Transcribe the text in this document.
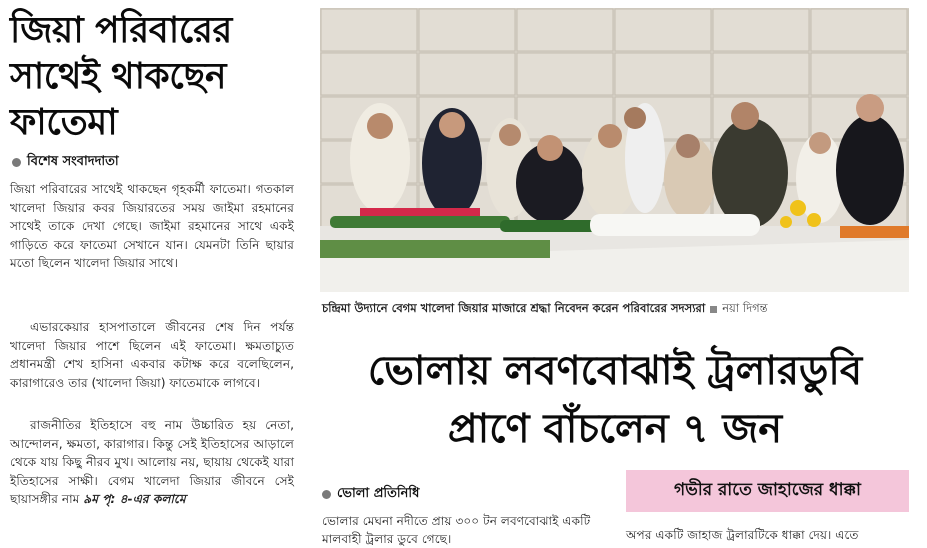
জিয়া পরিবারের সাথেই থাকছেন ফাতেমা
বিশেষ সংবাদদাতা
জিয়া পরিবারের সাথেই থাকছেন গৃহকর্মী ফাতেমা। গতকাল খালেদা জিয়ার কবর জিয়ারতের সময় জাইমা রহমানের সাথেই তাকে দেখা গেছে। জাইমা রহমানের সাথে একই গাড়িতে করে ফাতেমা সেখানে যান। যেমনটা তিনি ছায়ার মতো ছিলেন খালেদা জিয়ার সাথে।
এভারকেয়ার হাসপাতালে জীবনের শেষ দিন পর্যন্ত খালেদা জিয়ার পাশে ছিলেন এই ফাতেমা। ক্ষমতাচ্যুত প্রধানমন্ত্রী শেখ হাসিনা একবার কটাক্ষ করে বলেছিলেন, কারাগারেও তার (খালেদা জিয়া) ফাতেমাকে লাগবে।
রাজনীতির ইতিহাসে বহু নাম উচ্চারিত হয় নেতা, আন্দোলন, ক্ষমতা, কারাগার। কিন্তু সেই ইতিহাসের আড়ালে থেকে যায় কিছু নীরব মুখ। আলোয় নয়, ছায়ায় থেকেই যারা ইতিহাসের সাক্ষী। বেগম খালেদা জিয়ার জীবনে সেই ছায়াসঙ্গীর নাম ৯ম পৃ: ৪-এর কলামে
চন্দ্রিমা উদ্যানে বেগম খালেদা জিয়ার মাজারে শ্রদ্ধা নিবেদন করেন পরিবারের সদস্যরা নয়া দিগন্ত
ভোলায় লবণবোঝাই ট্রলারডুবি
প্রাণে বাঁচলেন ৭ জন
গভীর রাতে জাহাজের ধাক্কা
ভোলা প্রতিনিধি
ভোলার মেঘনা নদীতে প্রায় ৩০০ টন লবণবোঝাই একটি মালবাহী ট্রলার ডুবে গেছে।	অপর একটি জাহাজ ট্রলারটিকে ধাক্কা দেয়। এতে
